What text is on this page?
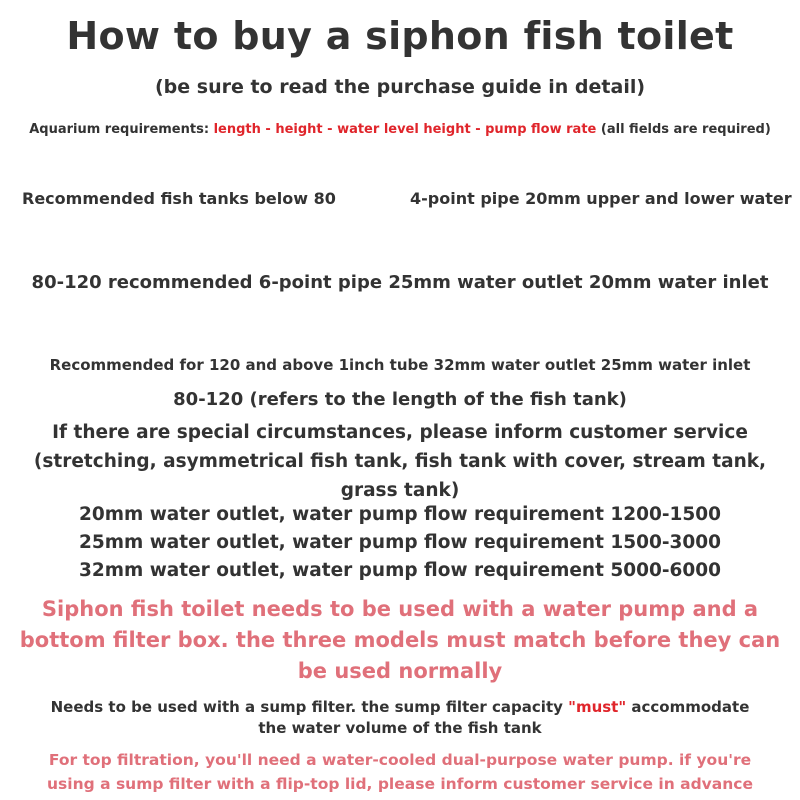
How to buy a siphon fish toilet
(be sure to read the purchase guide in detail)
Aquarium requirements: length - height - water level height - pump flow rate (all fields are required)
Recommended fish tanks below 80	4-point pipe 20mm upper and lower water
80-120 recommended 6-point pipe 25mm water outlet 20mm water inlet
Recommended for 120 and above 1inch tube 32mm water outlet 25mm water inlet
80-120 (refers to the length of the fish tank)
If there are special circumstances, please inform customer service
(stretching, asymmetrical fish tank, fish tank with cover, stream tank,
grass tank)
20mm water outlet, water pump flow requirement 1200-1500
25mm water outlet, water pump flow requirement 1500-3000
32mm water outlet, water pump flow requirement 5000-6000
Siphon fish toilet needs to be used with a water pump and a
bottom filter box. the three models must match before they can
be used normally
Needs to be used with a sump filter. the sump filter capacity "must" accommodate
the water volume of the fish tank
For top filtration, you'll need a water-cooled dual-purpose water pump. if you're
using a sump filter with a flip-top lid, please inform customer service in advance
